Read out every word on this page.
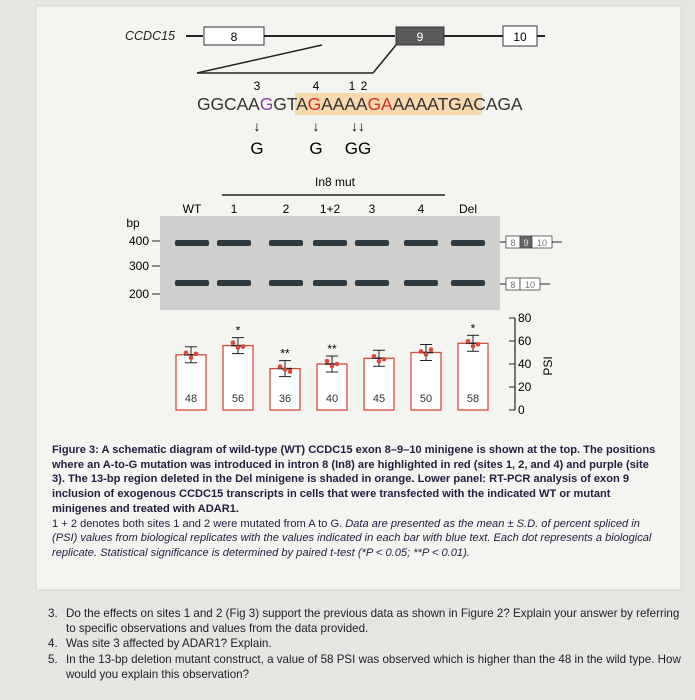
CCDC15	8	9	10
3	4 1 2
GGCAAGGTAGAAAAGAAAAATGACAGA
↓	↓ ↓↓
G	G GG
In8 mut
WT 1	2	1+2 3	4	Del
bp
400
300
200
8 9 10
8 10
0
20
40
60
80
PSI
48	56
*
36
**
40
**
45	50	58
*
Figure 3: A schematic diagram of wild-type (WT) CCDC15 exon 8–9–10 minigene is shown at the top. The positions where an A-to-G mutation was introduced in intron 8 (In8) are highlighted in red (sites 1, 2, and 4) and purple (site 3). The 13-bp region deleted in the Del minigene is shaded in orange. Lower panel: RT-PCR analysis of exon 9 inclusion of exogenous CCDC15 transcripts in cells that were transfected with the indicated WT or mutant minigenes and treated with ADAR1.
1 + 2 denotes both sites 1 and 2 were mutated from A to G. Data are presented as the mean ± S.D. of percent spliced in (PSI) values from biological replicates with the values indicated in each bar with blue text. Each dot represents a biological replicate. Statistical significance is determined by paired t-test (*P < 0.05; **P < 0.01).

3. Do the effects on sites 1 and 2 (Fig 3) support the previous data as shown in Figure 2? Explain your answer by referring to specific observations and values from the data provided.

4. Was site 3 affected by ADAR1? Explain.

5. In the 13-bp deletion mutant construct, a value of 58 PSI was observed which is higher than the 48 in the wild type. How would you explain this observation?
